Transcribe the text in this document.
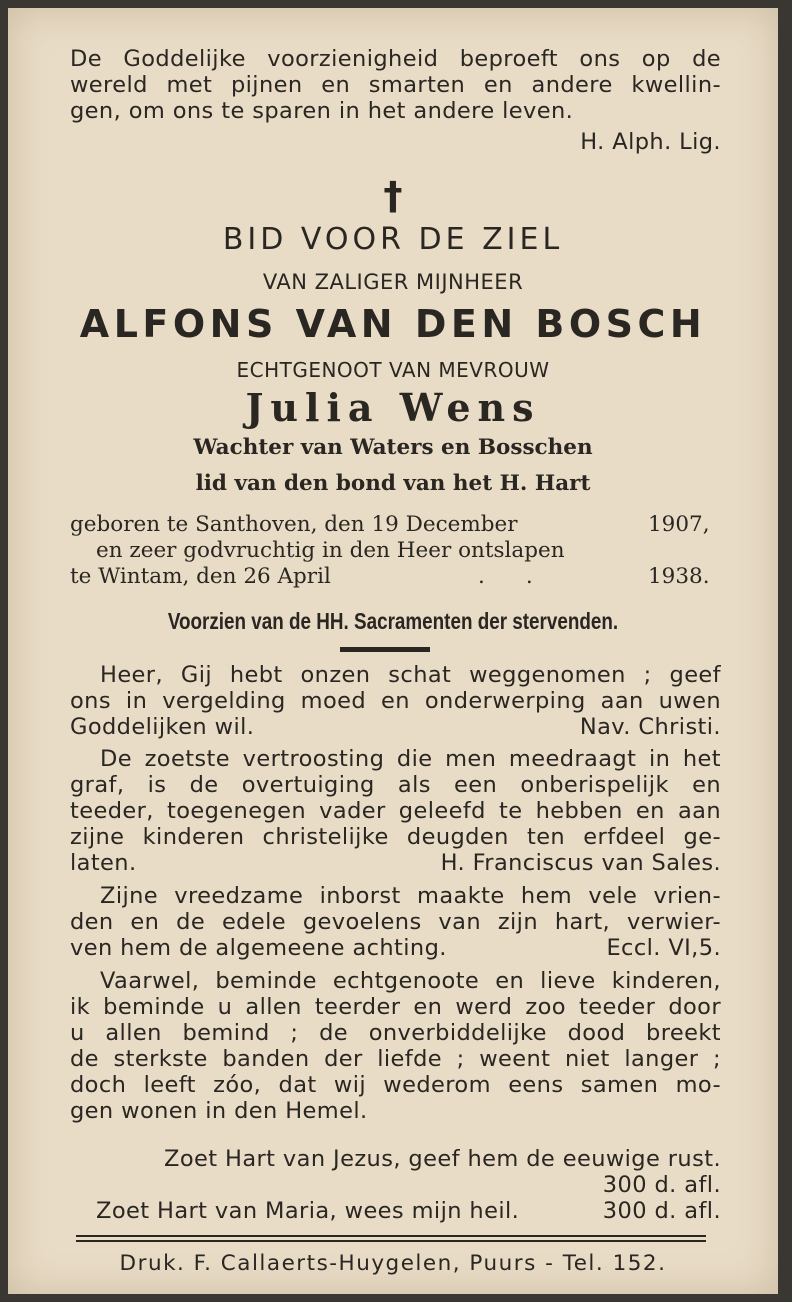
De Goddelijke voorzienigheid beproeft ons op de
wereld met pijnen en smarten en andere kwellin-
gen, om ons te sparen in het andere leven.
H. Alph. Lig.
†
BID VOOR DE ZIEL
VAN ZALIGER MIJNHEER
ALFONS VAN DEN BOSCH
ECHTGENOOT VAN MEVROUW
Julia Wens
Wachter van Waters en Bosschen
lid van den bond van het H. Hart
geboren te Santhoven, den 19 December	1907,
en zeer godvruchtig in den Heer ontslapen
te Wintam, den 26 April	.      .	1938.
Voorzien van de HH. Sacramenten der stervenden.
Heer, Gij hebt onzen schat weggenomen ; geef
ons in vergelding moed en onderwerping aan uwen
Goddelijken wil.	Nav. Christi.
De zoetste vertroosting die men meedraagt in het
graf, is de overtuiging als een onberispelijk en
teeder, toegenegen vader geleefd te hebben en aan
zijne kinderen christelijke deugden ten erfdeel ge-
laten.	H. Franciscus van Sales.
Zijne vreedzame inborst maakte hem vele vrien-
den en de edele gevoelens van zijn hart, verwier-
ven hem de algemeene achting.	Eccl. VI,5.
Vaarwel, beminde echtgenoote en lieve kinderen,
ik beminde u allen teerder en werd zoo teeder door
u allen bemind ; de onverbiddelijke dood breekt
de sterkste banden der liefde ; weent niet langer ;
doch leeft zóo, dat wij wederom eens samen mo-
gen wonen in den Hemel.
Zoet Hart van Jezus, geef hem de eeuwige rust.
300 d. afl.
Zoet Hart van Maria, wees mijn heil.	300 d. afl.
Druk. F. Callaerts-Huygelen, Puurs - Tel. 152.
